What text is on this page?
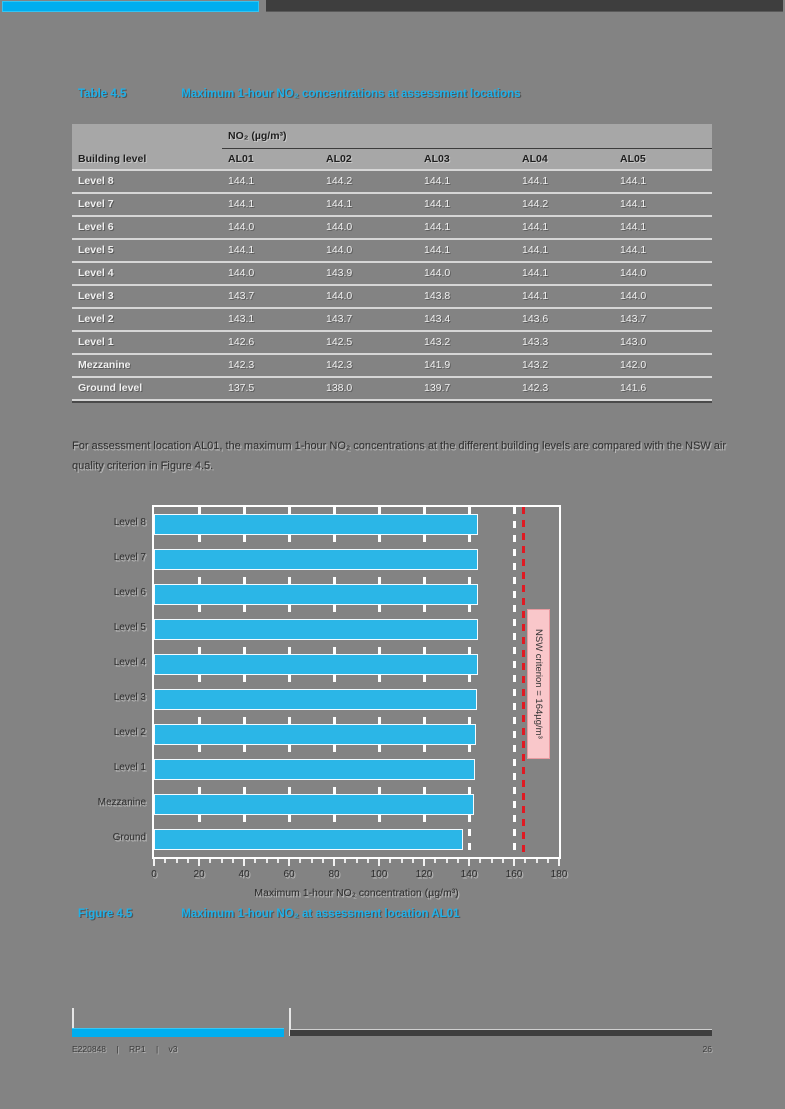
Table 4.5	Maximum 1-hour NO₂ concentrations at assessment locations
Building level	NO₂ (µg/m³)				
	AL01	AL02	AL03	AL04	AL05
Level 8	144.1	144.2	144.1	144.1	144.1
Level 7	144.1	144.1	144.1	144.2	144.1
Level 6	144.0	144.0	144.1	144.1	144.1
Level 5	144.1	144.0	144.1	144.1	144.1
Level 4	144.0	143.9	144.0	144.1	144.0
Level 3	143.7	144.0	143.8	144.1	144.0
Level 2	143.1	143.7	143.4	143.6	143.7
Level 1	142.6	142.5	143.2	143.3	143.0
Mezzanine	142.3	142.3	141.9	143.2	142.0
Ground level	137.5	138.0	139.7	142.3	141.6

For assessment location AL01, the maximum 1-hour NO₂ concentrations at the different building levels are compared with the NSW air quality criterion in Figure 4.5.

Level 8
Level 7
Level 6
Level 5
Level 4
Level 3
Level 2
Level 1
Mezzanine
Ground
NSW criterion = 164µg/m³
0	20	40	60	80	100	120	140	160	180
Maximum 1-hour NO₂ concentration (µg/m³)
Figure 4.5	Maximum 1-hour NO₂ at assessment location AL01
E220848 | RP1 | v3	26
